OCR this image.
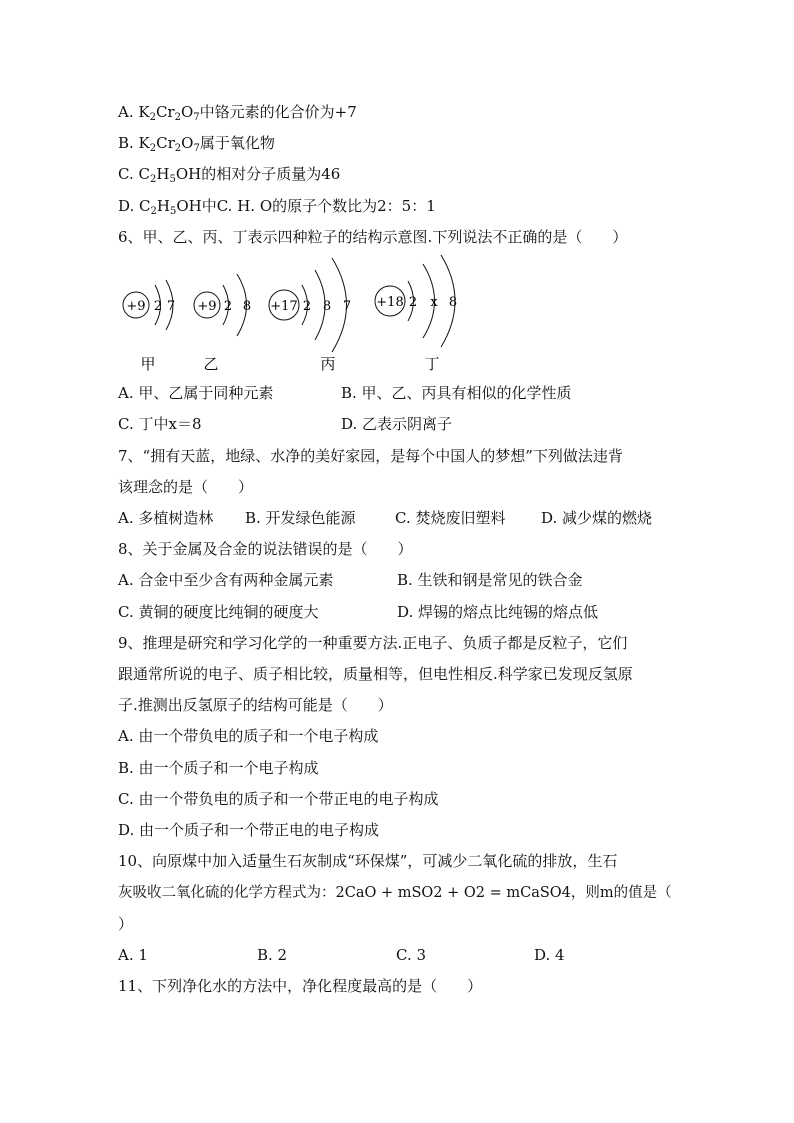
A. $K_2Cr_2O_7$中铬元素的化合价为+7
B. $K_2Cr_2O_7$属于氧化物
C. $C_2H_5OH$的相对分子质量为46
D. $C_2H_5OH$中C. H. O的原子个数比为2：5：1
6、甲、乙、丙、丁表示四种粒子的结构示意图.下列说法不正确的是（　　）
+9 2 7
甲
+9 2 8
乙
+17 2 8 7
丙
+18 2 x 8
丁
A. 甲、乙属于同种元素	B. 甲、乙、丙具有相似的化学性质
C. 丁中x＝8	D. 乙表示阴离子
7、“拥有天蓝，地绿、水净的美好家园，是每个中国人的梦想”下列做法违背
该理念的是（　　）
A. 多植树造林 B. 开发绿色能源	C. 焚烧废旧塑料 D. 减少煤的燃烧
8、关于金属及合金的说法错误的是（　　）
A. 合金中至少含有两种金属元素	B. 生铁和钢是常见的铁合金
C. 黄铜的硬度比纯铜的硬度大	D. 焊锡的熔点比纯锡的熔点低
9、推理是研究和学习化学的一种重要方法.正电子、负质子都是反粒子，它们
跟通常所说的电子、质子相比较，质量相等，但电性相反.科学家已发现反氢原
子.推测出反氢原子的结构可能是（　　）
A. 由一个带负电的质子和一个电子构成
B. 由一个质子和一个电子构成
C. 由一个带负电的质子和一个带正电的电子构成
D. 由一个质子和一个带正电的电子构成
10、向原煤中加入适量生石灰制成“环保煤”，可减少二氧化硫的排放，生石
灰吸收二氧化硫的化学方程式为：2CaO + mSO2 + O2 = mCaSO4，则m的值是（
）
A. 1	B. 2	C. 3	D. 4
11、下列净化水的方法中，净化程度最高的是（　　）
